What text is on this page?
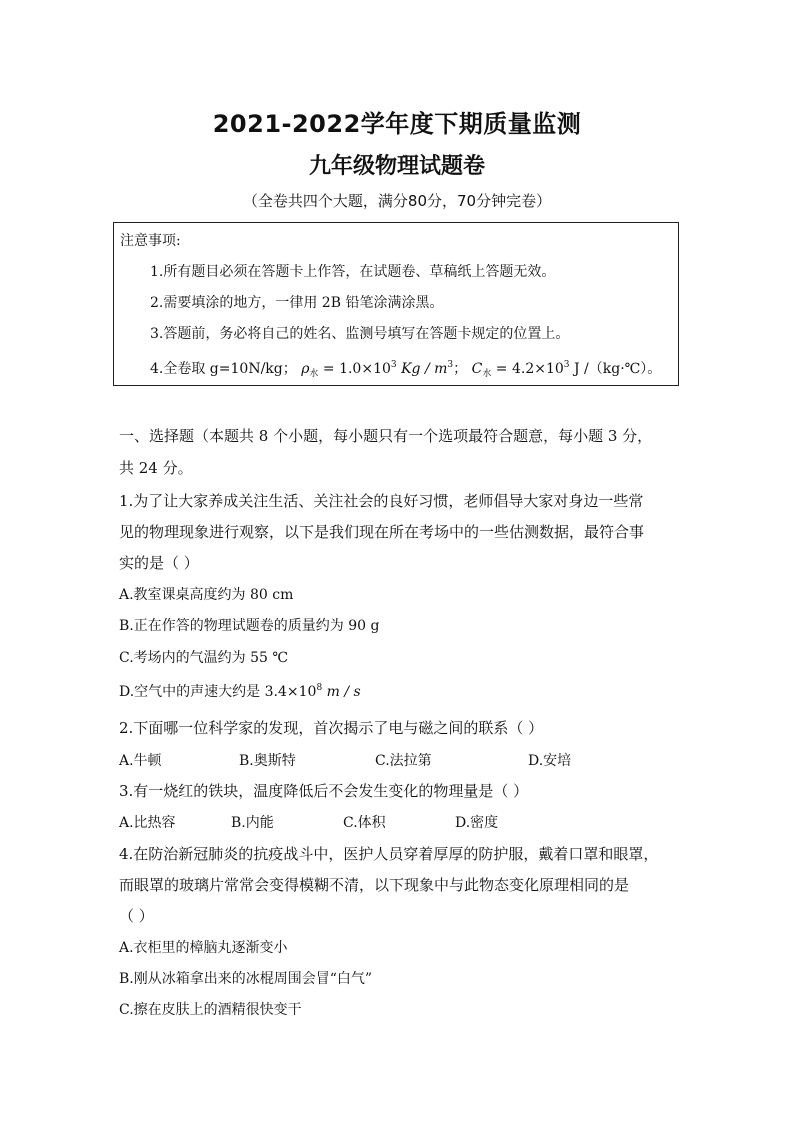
2021-2022学年度下期质量监测
九年级物理试题卷
（全卷共四个大题，满分80分，70分钟完卷）
注意事项:
1.所有题目必须在答题卡上作答，在试题卷、草稿纸上答题无效。
2.需要填涂的地方，一律用 2B 铅笔涂满涂黑。
3.答题前，务必将自己的姓名、监测号填写在答题卡规定的位置上。
4.全卷取 g=10N/kg； $\rho_水 = 1.0\times 10^3$ Kg / $m^3$； $C_水 = 4.2\times 10^3$ J /（kg·℃）。
一、选择题（本题共 8 个小题，每小题只有一个选项最符合题意，每小题 3 分，
共 24 分。
1.为了让大家养成关注生活、关注社会的良好习惯，老师倡导大家对身边一些常
见的物理现象进行观察，以下是我们现在所在考场中的一些估测数据，最符合事
实的是（ ）
A.教室课桌高度约为 80 cm
B.正在作答的物理试题卷的质量约为 90 g
C.考场内的气温约为 55 ℃
D.空气中的声速大约是 $3.4\times 10^8$ m / s
2.下面哪一位科学家的发现，首次揭示了电与磁之间的联系（ ）
A.牛顿	B.奥斯特	C.法拉第	D.安培
3.有一烧红的铁块，温度降低后不会发生变化的物理量是（ ）
A.比热容	B.内能	C.体积	D.密度
4.在防治新冠肺炎的抗疫战斗中，医护人员穿着厚厚的防护服，戴着口罩和眼罩，
而眼罩的玻璃片常常会变得模糊不清，以下现象中与此物态变化原理相同的是
（ ）
A.衣柜里的樟脑丸逐渐变小
B.刚从冰箱拿出来的冰棍周围会冒“白气”
C.擦在皮肤上的酒精很快变干
